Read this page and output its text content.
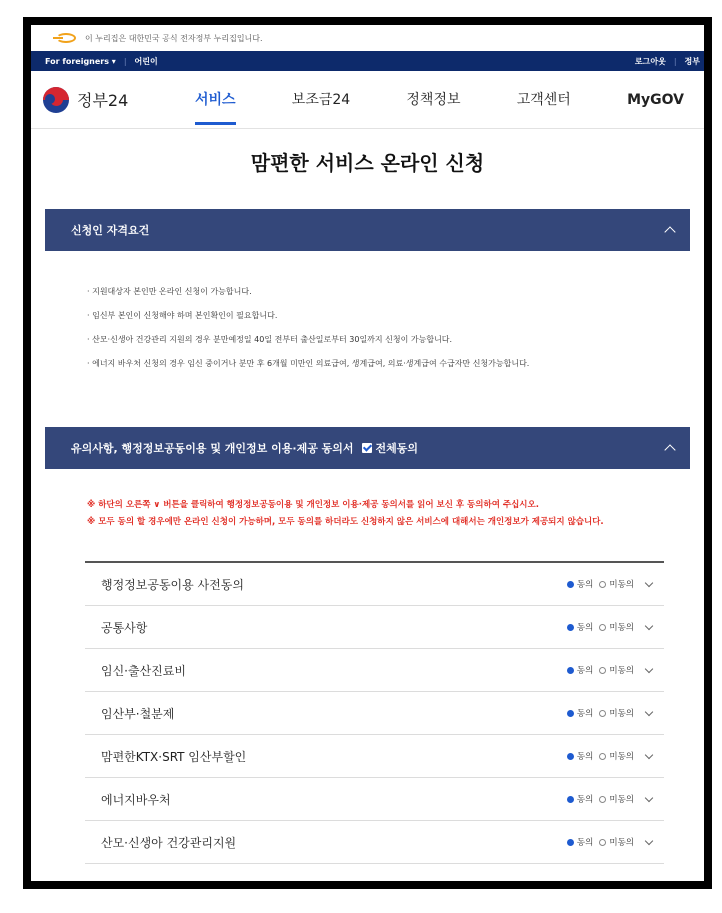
이 누리집은 대한민국 공식 전자정부 누리집입니다.
For foreigners ▾ | 어린이	로그아웃 | 정부
정부24	서비스	보조금24	정책정보	고객센터	MyGOV
맘편한 서비스 온라인 신청
신청인 자격요건
· 지원대상자 본인만 온라인 신청이 가능합니다.
· 임신부 본인이 신청해야 하며 본인확인이 필요합니다.
· 산모·신생아 건강관리 지원의 경우 분만예정일 40일 전부터 출산일로부터 30일까지 신청이 가능합니다.
· 에너지 바우처 신청의 경우 임신 중이거나 분만 후 6개월 미만인 의료급여, 생계급여, 의료·생계급여 수급자만 신청가능합니다.
유의사항, 행정정보공동이용 및 개인정보 이용·제공 동의서 전체동의

※ 하단의 오른쪽 ∨ 버튼을 클릭하여 행정정보공동이용 및 개인정보 이용·제공 동의서를 읽어 보신 후 동의하여 주십시오.

※ 모두 동의 할 경우에만 온라인 신청이 가능하며, 모두 동의를 하더라도 신청하지 않은 서비스에 대해서는 개인정보가 제공되지 않습니다.

행정정보공동이용 사전동의	동의 미동의
공통사항	동의 미동의
임신·출산진료비	동의 미동의
임산부·철분제	동의 미동의
맘편한KTX·SRT 임산부할인	동의 미동의
에너지바우처	동의 미동의
산모·신생아 건강관리지원	동의 미동의
